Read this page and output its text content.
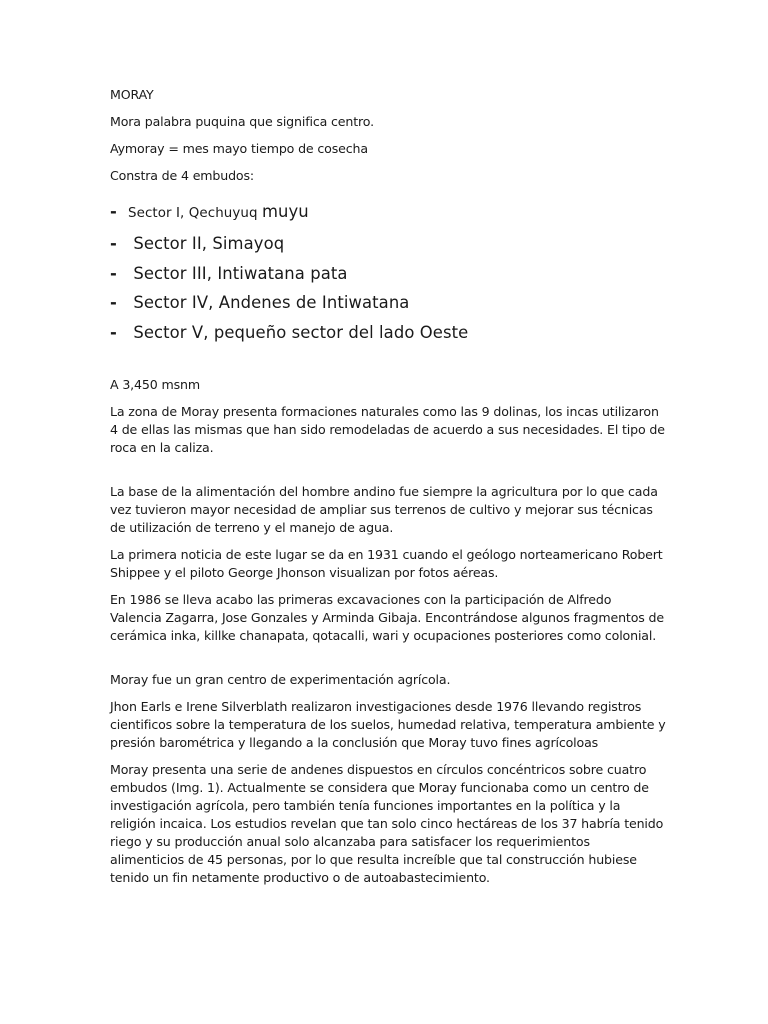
MORAY

Mora palabra puquina que significa centro.

Aymoray = mes mayo tiempo de cosecha

Constra de 4 embudos:

- Sector I, Qechuyuq muyu
- Sector II, Simayoq
- Sector III, Intiwatana pata
- Sector IV, Andenes de Intiwatana
- Sector V, pequeño sector del lado Oeste

A 3,450 msnm

La zona de Moray presenta formaciones naturales como las 9 dolinas, los incas utilizaron 4 de ellas las mismas que han sido remodeladas de acuerdo a sus necesidades. El tipo de roca en la caliza.

La base de la alimentación del hombre andino fue siempre la agricultura por lo que cada vez tuvieron mayor necesidad de ampliar sus terrenos de cultivo y mejorar sus técnicas de utilización de terreno y el manejo de agua.

La primera noticia de este lugar se da en 1931 cuando el geólogo norteamericano Robert Shippee y el piloto George Jhonson visualizan por fotos aéreas.

En 1986 se lleva acabo las primeras excavaciones con la participación de Alfredo Valencia Zagarra, Jose Gonzales y Arminda Gibaja. Encontrándose algunos fragmentos de cerámica inka, killke chanapata, qotacalli, wari y ocupaciones posteriores como colonial.

Moray fue un gran centro de experimentación agrícola.

Jhon Earls e Irene Silverblath realizaron investigaciones desde 1976 llevando registros cientificos sobre la temperatura de los suelos, humedad relativa, temperatura ambiente y presión barométrica y llegando a la conclusión que Moray tuvo fines agrícoloas

Moray presenta una serie de andenes dispuestos en círculos concéntricos sobre cuatro embudos (Img. 1). Actualmente se considera que Moray funcionaba como un centro de investigación agrícola, pero también tenía funciones importantes en la política y la religión incaica. Los estudios revelan que tan solo cinco hectáreas de los 37 habría tenido riego y su producción anual solo alcanzaba para satisfacer los requerimientos alimenticios de 45 personas, por lo que resulta increíble que tal construcción hubiese tenido un fin netamente productivo o de autoabastecimiento.
